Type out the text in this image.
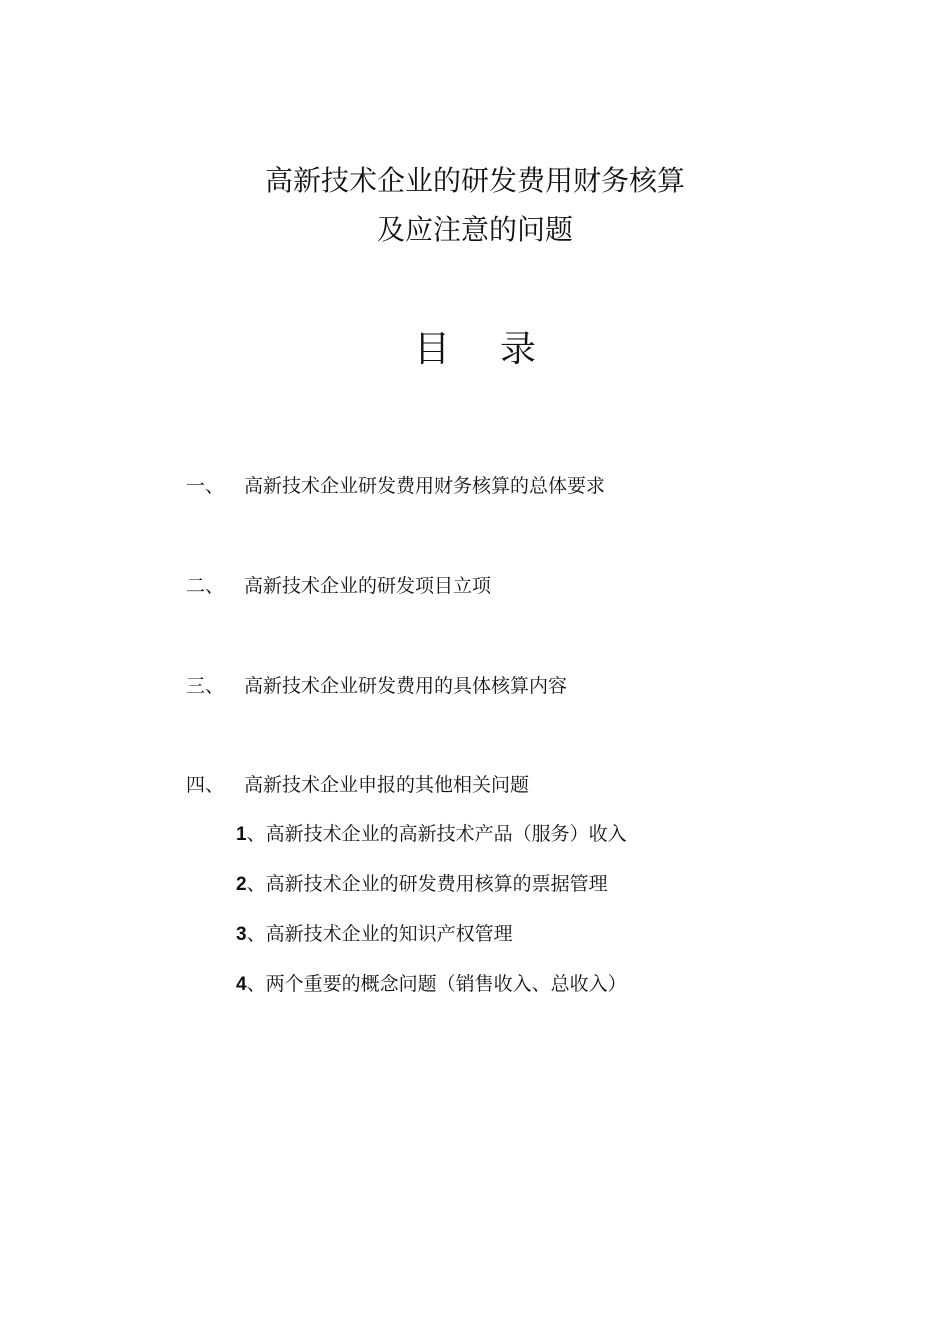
高新技术企业的研发费用财务核算
及应注意的问题
目 录
一、 高新技术企业研发费用财务核算的总体要求
二、 高新技术企业的研发项目立项
三、 高新技术企业研发费用的具体核算内容
四、 高新技术企业申报的其他相关问题
1、高新技术企业的高新技术产品（服务）收入
2、高新技术企业的研发费用核算的票据管理
3、高新技术企业的知识产权管理
4、两个重要的概念问题（销售收入、总收入）
